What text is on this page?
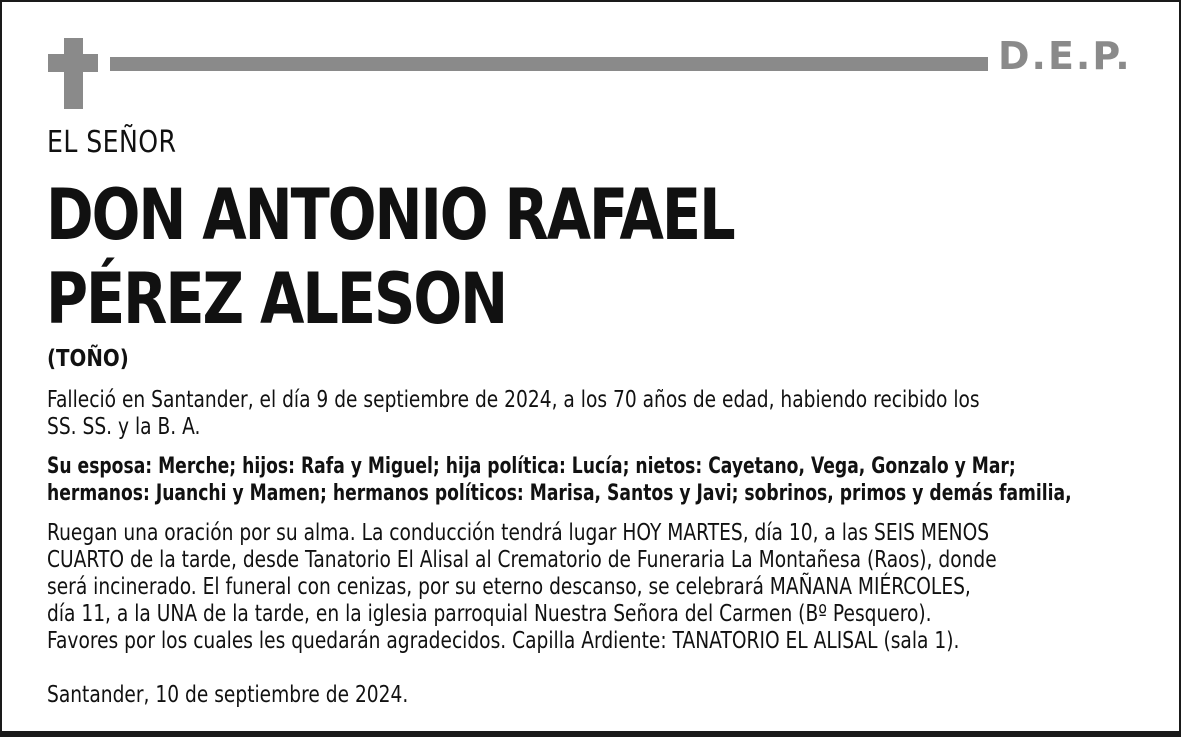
D.E.P.
EL SEÑOR
DON ANTONIO RAFAEL
PÉREZ ALESON
(TOÑO)
Falleció en Santander, el día 9 de septiembre de 2024, a los 70 años de edad, habiendo recibido los
SS. SS. y la B. A.
Su esposa: Merche; hijos: Rafa y Miguel; hija política: Lucía; nietos: Cayetano, Vega, Gonzalo y Mar;
hermanos: Juanchi y Mamen; hermanos políticos: Marisa, Santos y Javi; sobrinos, primos y demás familia,
Ruegan una oración por su alma. La conducción tendrá lugar HOY MARTES, día 10, a las SEIS MENOS
CUARTO de la tarde, desde Tanatorio El Alisal al Crematorio de Funeraria La Montañesa (Raos), donde
será incinerado. El funeral con cenizas, por su eterno descanso, se celebrará MAÑANA MIÉRCOLES,
día 11, a la UNA de la tarde, en la iglesia parroquial Nuestra Señora del Carmen (Bº Pesquero).
Favores por los cuales les quedarán agradecidos. Capilla Ardiente: TANATORIO EL ALISAL (sala 1).
Santander, 10 de septiembre de 2024.
